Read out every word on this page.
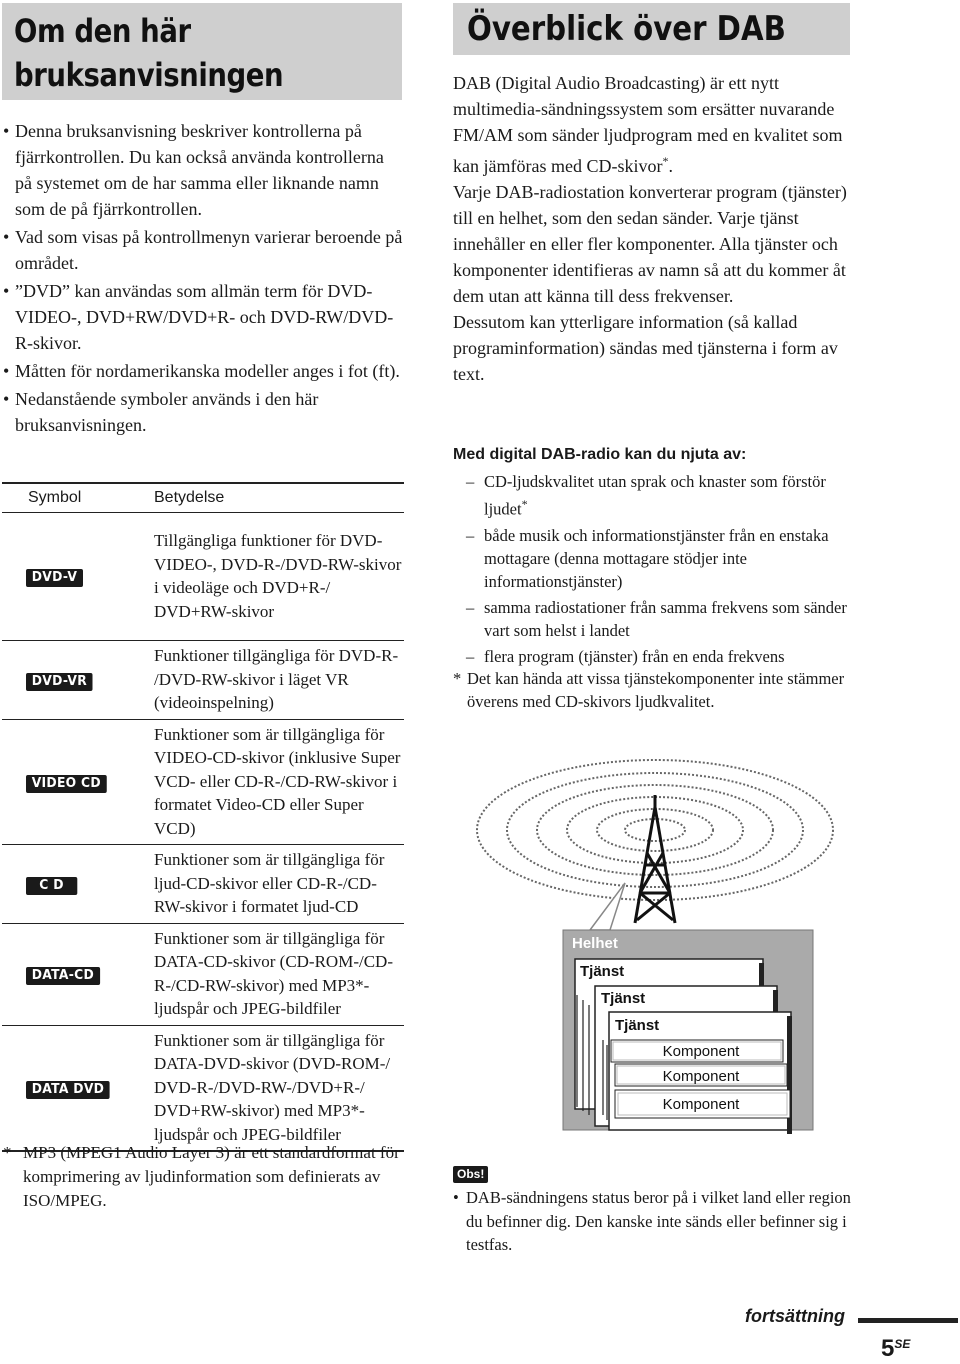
Om den här
bruksanvisningen
• Denna bruksanvisning beskriver kontrollerna på fjärrkontrollen. Du kan också använda kontrollerna på systemet om de har samma eller liknande namn som de på fjärrkontrollen.
• Vad som visas på kontrollmenyn varierar beroende på området.
• ”DVD” kan användas som allmän term för DVD-VIDEO-, DVD+RW/DVD+R- och DVD-RW/DVD-R-skivor.
• Måtten för nordamerikanska modeller anges i fot (ft).
• Nedanstående symboler används i den här bruksanvisningen.
Symbol	Betydelse
DVD-V	Tillgängliga funktioner för DVD-VIDEO-, DVD-R-/DVD-RW-skivor i videoläge och DVD+R-/ DVD+RW-skivor
DVD-VR	Funktioner tillgängliga för DVD-R- /DVD-RW-skivor i läget VR (videoinspelning)
VIDEO CD	Funktioner som är tillgängliga för VIDEO-CD-skivor (inklusive Super VCD- eller CD-R-/CD-RW-skivor i formatet Video-CD eller Super VCD)
C D	Funktioner som är tillgängliga för ljud-CD-skivor eller CD-R-/CD-RW-skivor i formatet ljud-CD
DATA-CD	Funktioner som är tillgängliga för DATA-CD-skivor (CD-ROM-/CD-R-/CD-RW-skivor) med MP3*-ljudspår och JPEG-bildfiler
DATA DVD	Funktioner som är tillgängliga för DATA-DVD-skivor (DVD-ROM-/ DVD-R-/DVD-RW-/DVD+R-/ DVD+RW-skivor) med MP3*-ljudspår och JPEG-bildfiler
* MP3 (MPEG1 Audio Layer 3) är ett standardformat för komprimering av ljudinformation som definierats av ISO/MPEG.
Överblick över DAB

DAB (Digital Audio Broadcasting) är ett nytt multimedia-sändningssystem som ersätter nuvarande FM/AM som sänder ljudprogram med en kvalitet som kan jämföras med CD-skivor*.

Varje DAB-radiostation konverterar program (tjänster) till en helhet, som den sedan sänder. Varje tjänst innehåller en eller fler komponenter. Alla tjänster och komponenter identifieras av namn så att du kommer åt dem utan att känna till dess frekvenser.

Dessutom kan ytterligare information (så kallad programinformation) sändas med tjänsterna i form av text.

Med digital DAB-radio kan du njuta av:
– CD-ljudskvalitet utan sprak och knaster som förstör ljudet*
– både musik och informationstjänster från en enstaka mottagare (denna mottagare stödjer inte informationstjänster)
– samma radiostationer från samma frekvens som sänder vart som helst i landet
– flera program (tjänster) från en enda frekvens
* Det kan hända att vissa tjänstekomponenter inte stämmer överens med CD-skivors ljudkvalitet.
Helhet
Tjänst
Tjänst
Tjänst
Komponent
Komponent
Komponent
Obs!
• DAB-sändningens status beror på i vilket land eller region du befinner dig. Den kanske inte sänds eller befinner sig i testfas.
fortsättning
$5^{SE}$
